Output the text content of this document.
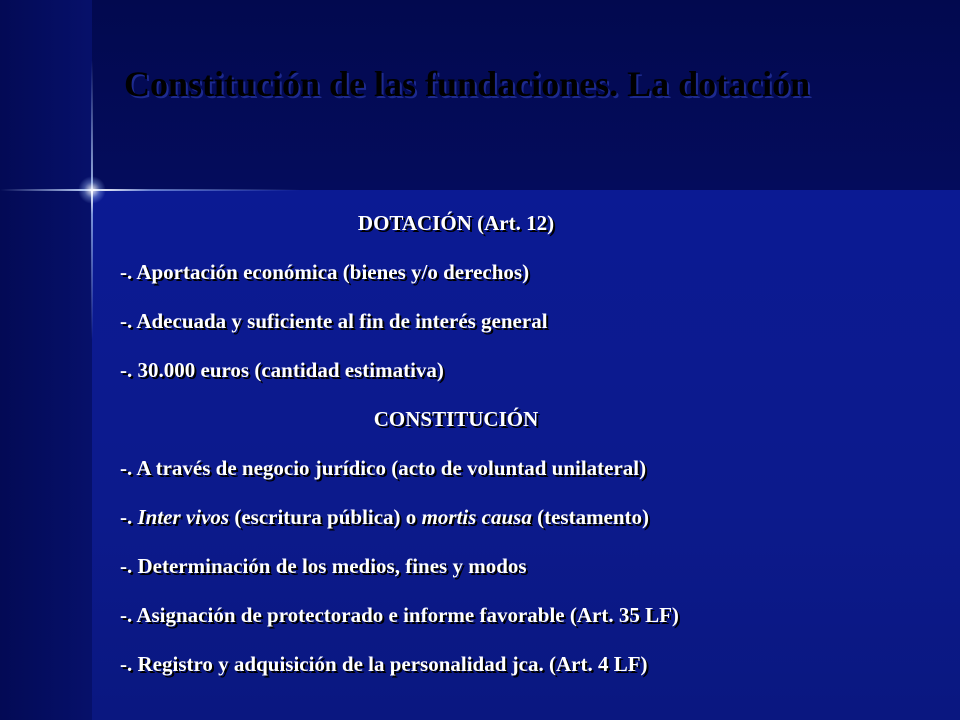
Constitución de las fundaciones. La dotación
DOTACIÓN (Art. 12)
-. Aportación económica (bienes y/o derechos)
-. Adecuada y suficiente al fin de interés general
-. 30.000 euros (cantidad estimativa)
CONSTITUCIÓN
-. A través de negocio jurídico (acto de voluntad unilateral)
-. Inter vivos (escritura pública) o mortis causa (testamento)
-. Determinación de los medios, fines y modos
-. Asignación de protectorado e informe favorable (Art. 35 LF)
-. Registro y adquisición de la personalidad jca. (Art. 4 LF)
